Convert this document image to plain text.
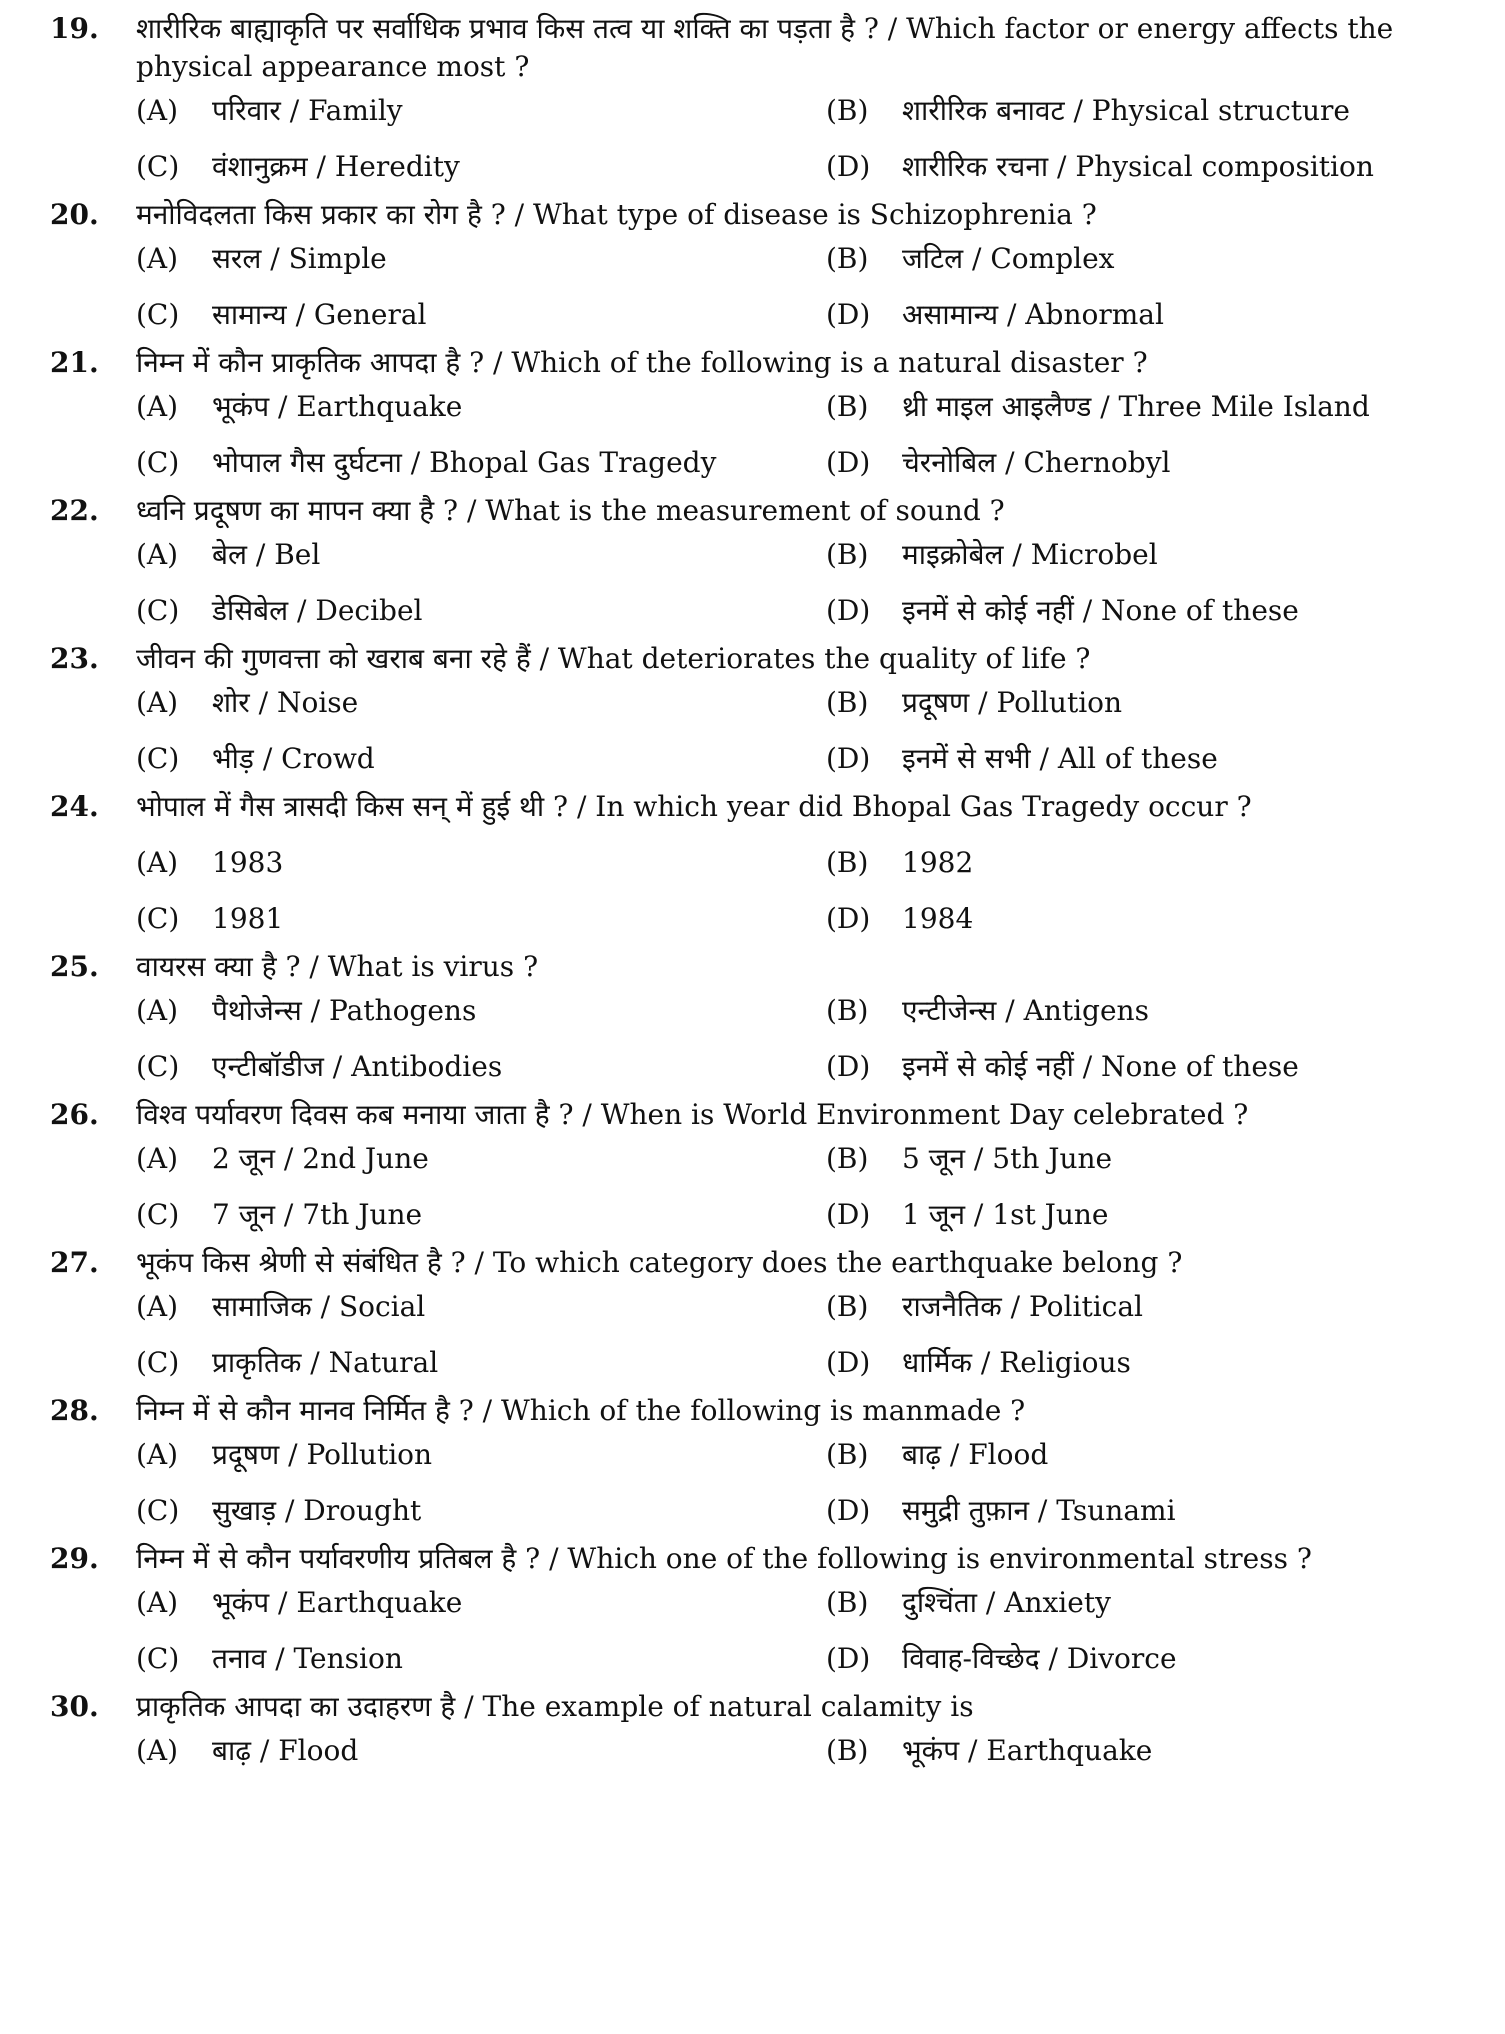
19.	शारीरिक बाह्याकृति पर सर्वाधिक प्रभाव किस तत्व या शक्ति का पड़ता है ? / Which factor or energy affects the physical appearance most ?
(A)	परिवार / Family	(B)	शारीरिक बनावट / Physical structure
(C)	वंशानुक्रम / Heredity	(D)	शारीरिक रचना / Physical composition
20.	मनोविदलता किस प्रकार का रोग है ? / What type of disease is Schizophrenia ?
(A)	सरल / Simple	(B)	जटिल / Complex
(C)	सामान्य / General	(D)	असामान्य / Abnormal
21.	निम्न में कौन प्राकृतिक आपदा है ? / Which of the following is a natural disaster ?
(A)	भूकंप / Earthquake	(B)	थ्री माइल आइलैण्ड / Three Mile Island
(C)	भोपाल गैस दुर्घटना / Bhopal Gas Tragedy	(D)	चेरनोबिल / Chernobyl
22.	ध्वनि प्रदूषण का मापन क्या है ? / What is the measurement of sound ?
(A)	बेल / Bel	(B)	माइक्रोबेल / Microbel
(C)	डेसिबेल / Decibel	(D)	इनमें से कोई नहीं / None of these
23.	जीवन की गुणवत्ता को खराब बना रहे हैं / What deteriorates the quality of life ?
(A)	शोर / Noise	(B)	प्रदूषण / Pollution
(C)	भीड़ / Crowd	(D)	इनमें से सभी / All of these
24.	भोपाल में गैस त्रासदी किस सन् में हुई थी ? / In which year did Bhopal Gas Tragedy occur ?
(A)	1983	(B)	1982
(C)	1981	(D)	1984
25.	वायरस क्या है ? / What is virus ?
(A)	पैथोजेन्स / Pathogens	(B)	एन्टीजेन्स / Antigens
(C)	एन्टीबॉडीज / Antibodies	(D)	इनमें से कोई नहीं / None of these
26.	विश्व पर्यावरण दिवस कब मनाया जाता है ? / When is World Environment Day celebrated ?
(A)	2 जून / 2nd June	(B)	5 जून / 5th June
(C)	7 जून / 7th June	(D)	1 जून / 1st June
27.	भूकंप किस श्रेणी से संबंधित है ? / To which category does the earthquake belong ?
(A)	सामाजिक / Social	(B)	राजनैतिक / Political
(C)	प्राकृतिक / Natural	(D)	धार्मिक / Religious
28.	निम्न में से कौन मानव निर्मित है ? / Which of the following is manmade ?
(A)	प्रदूषण / Pollution	(B)	बाढ़ / Flood
(C)	सुखाड़ / Drought	(D)	समुद्री तुफ़ान / Tsunami
29.	निम्न में से कौन पर्यावरणीय प्रतिबल है ? / Which one of the following is environmental stress ?
(A)	भूकंप / Earthquake	(B)	दुश्चिंता / Anxiety
(C)	तनाव / Tension	(D)	विवाह-विच्छेद / Divorce
30.	प्राकृतिक आपदा का उदाहरण है / The example of natural calamity is
(A)	बाढ़ / Flood	(B)	भूकंप / Earthquake
